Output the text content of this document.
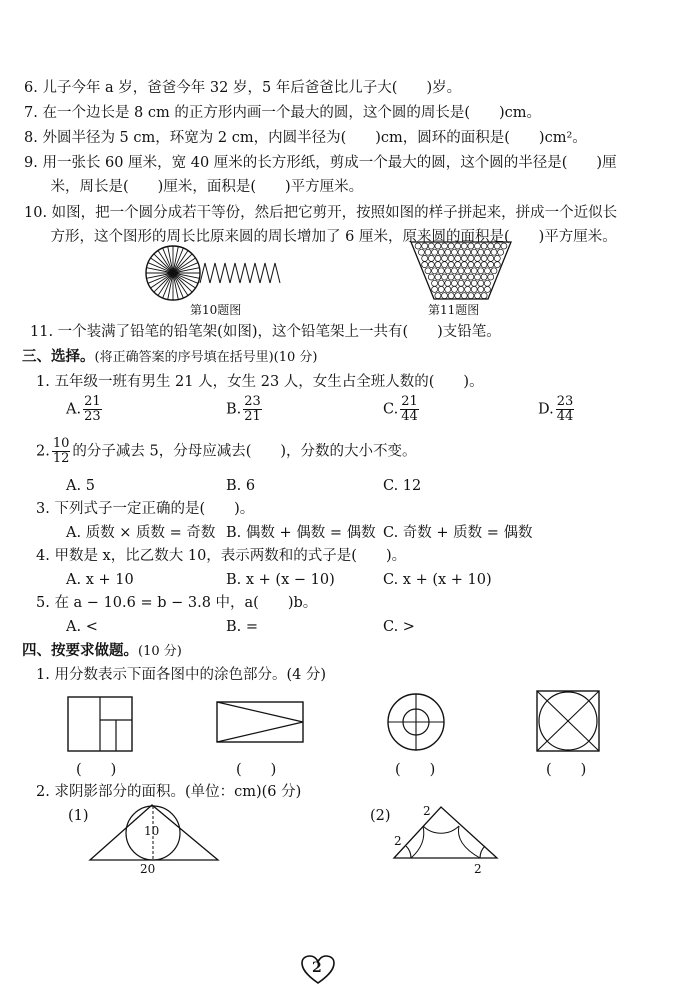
6. 儿子今年 a 岁，爸爸今年 32 岁，5 年后爸爸比儿子大(　　)岁。
7. 在一个边长是 8 cm 的正方形内画一个最大的圆，这个圆的周长是(　　)cm。
8. 外圆半径为 5 cm，环宽为 2 cm，内圆半径为(　　)cm，圆环的面积是(　　)cm²。
9. 用一张长 60 厘米，宽 40 厘米的长方形纸，剪成一个最大的圆，这个圆的半径是(　　)厘
　米，周长是(　　)厘米，面积是(　　)平方厘米。
10. 如图，把一个圆分成若干等份，然后把它剪开，按照如图的样子拼起来，拼成一个近似长
　方形，这个图形的周长比原来圆的周长增加了 6 厘米，原来圆的面积是(　　)平方厘米。
第10题图	第11题图
11. 一个装满了铅笔的铅笔架(如图)，这个铅笔架上一共有(　　)支铅笔。
三、选择。(将正确答案的序号填在括号里)(10 分)
1. 五年级一班有男生 21 人，女生 23 人，女生占全班人数的(　　)。
A. $\frac{21}{23}$	B. $\frac{23}{21}$	C. $\frac{21}{44}$	D. $\frac{23}{44}$
2. $\frac{10}{12}$ 的分子减去 5，分母应减去(　　)，分数的大小不变。
A. 5	B. 6	C. 12
3. 下列式子一定正确的是(　　)。
A. 质数 × 质数 = 奇数 B. 偶数 + 偶数 = 偶数 C. 奇数 + 质数 = 偶数
4. 甲数是 x，比乙数大 10，表示两数和的式子是(　　)。
A. x + 10	B. x + (x − 10)	C. x + (x + 10)
5. 在 a − 10.6 = b − 3.8 中，a(　　)b。
A. <	B. =	C. >
四、按要求做题。(10 分)
1. 用分数表示下面各图中的涂色部分。(4 分)
(　　)	(　　)	(　　)	(　　)
2. 求阴影部分的面积。(单位：cm)(6 分)
(1)
10
20
(2)	2
2
2
2
